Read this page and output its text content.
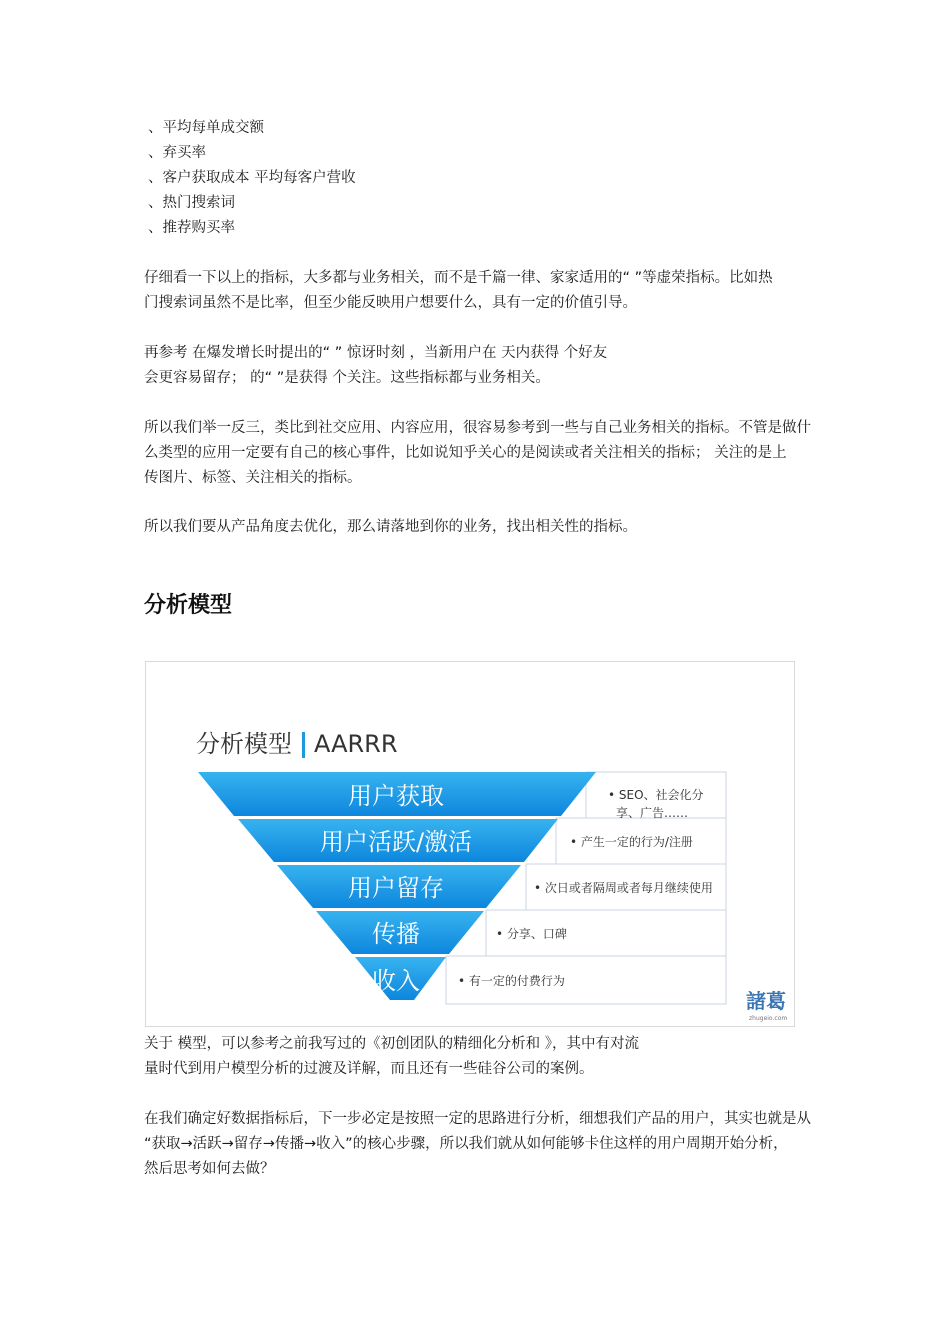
、平均每单成交额
、弃买率
、客户获取成本 平均每客户营收
、热门搜索词
、推荐购买率
仔细看一下以上的指标，大多都与业务相关，而不是千篇一律、家家适用的“ ”等虚荣指标。比如热
门搜索词虽然不是比率，但至少能反映用户想要什么，具有一定的价值引导。
再参考 在爆发增长时提出的“ ” 惊讶时刻 ，当新用户在 天内获得 个好友
会更容易留存； 的“ ”是获得 个关注。这些指标都与业务相关。
所以我们举一反三，类比到社交应用、内容应用，很容易参考到一些与自己业务相关的指标。不管是做什
么类型的应用一定要有自己的核心事件，比如说知乎关心的是阅读或者关注相关的指标； 关注的是上
传图片、标签、关注相关的指标。
所以我们要从产品角度去优化，那么请落地到你的业务，找出相关性的指标。
分析模型
分析模型 AARRR
用户获取
用户活跃/激活
用户留存
传播
收入
• SEO、社会化分
享、广告……
• 产生一定的行为/注册
• 次日或者隔周或者每月继续使用
• 分享、口碑
• 有一定的付费行为
諸葛
zhugeio.com
关于 模型，可以参考之前我写过的《初创团队的精细化分析和 》，其中有对流
量时代到用户模型分析的过渡及详解，而且还有一些硅谷公司的案例。
在我们确定好数据指标后，下一步必定是按照一定的思路进行分析，细想我们产品的用户，其实也就是从
“获取→活跃→留存→传播→收入”的核心步骤，所以我们就从如何能够卡住这样的用户周期开始分析，
然后思考如何去做？
